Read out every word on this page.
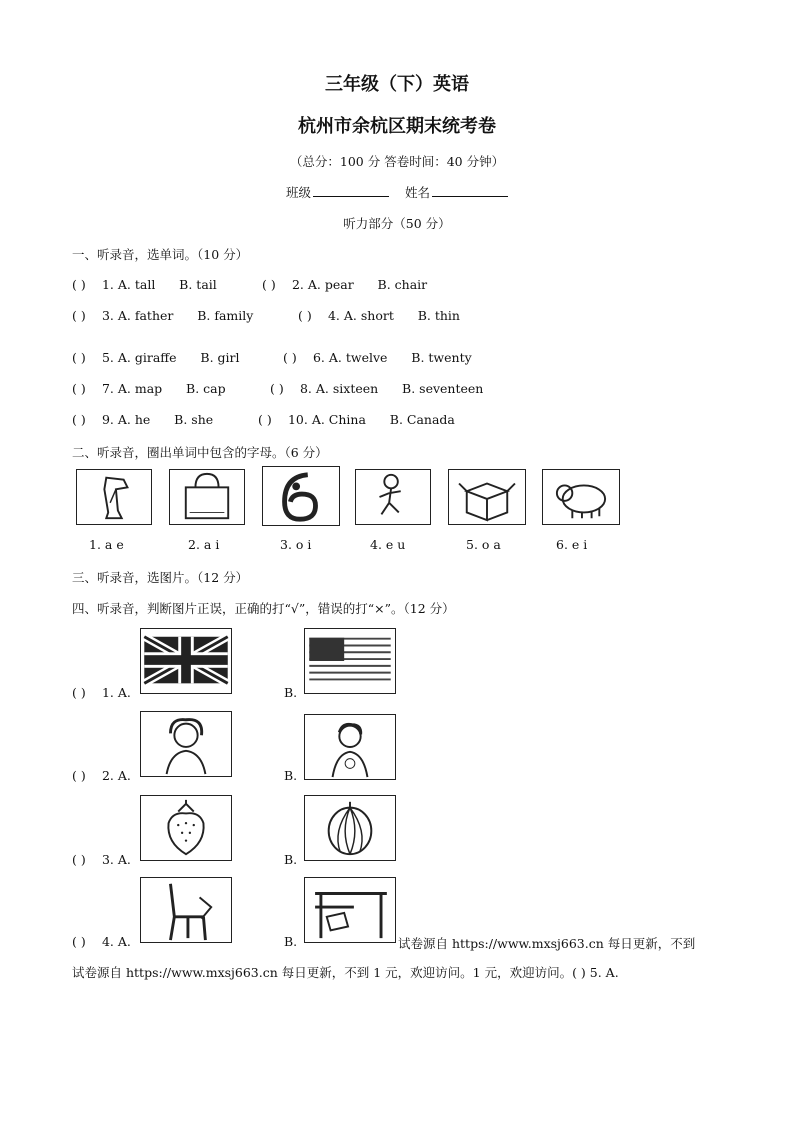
三年级（下）英语
杭州市余杭区期末统考卷
（总分：100 分 答卷时间：40 分钟）
班级	姓名
听力部分（50 分）
一、听录音，选单词。（10 分）
( ) 1. A. tall      B. tail	( ) 2. A. pear      B. chair
( ) 3. A. father      B. family	( ) 4. A. short      B. thin
( ) 5. A. giraffe      B. girl	( ) 6. A. twelve      B. twenty
( ) 7. A. map      B. cap	( ) 8. A. sixteen      B. seventeen
( ) 9. A. he      B. she	( ) 10. A. China      B. Canada
二、听录音，圈出单词中包含的字母。（6 分）
1. a e	2. a i	3. o i	4. e u	5. o a	6. e i
三、听录音，选图片。（12 分）
四、听录音，判断图片正误，正确的打“√”，错误的打“×”。（12 分）
( ) 1. A.	B.
( ) 2. A.	B.
( ) 3. A.	B.
( ) 4. A.	B.	试卷源自 https://www.mxsj663.cn 每日更新，不到
试卷源自 https://www.mxsj663.cn 每日更新，不到 1 元，欢迎访问。1 元，欢迎访问。( ) 5. A.
